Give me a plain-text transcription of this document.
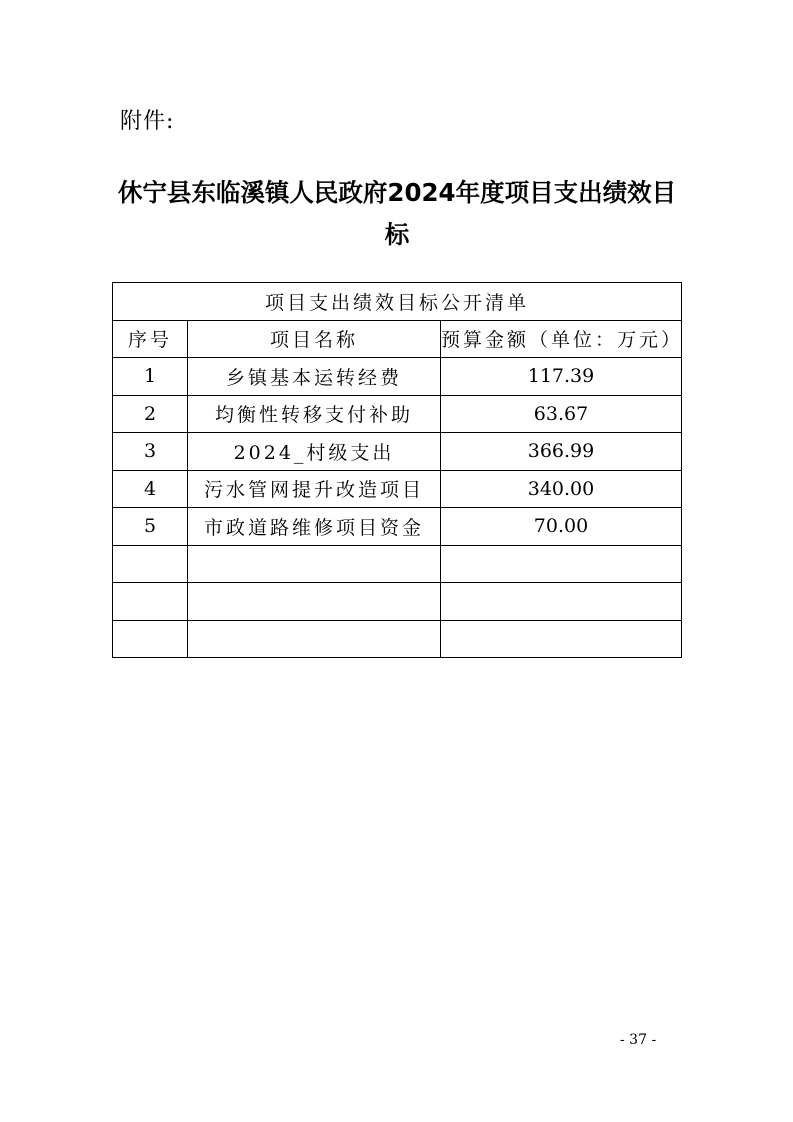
附件:
休宁县东临溪镇人民政府2024年度项目支出绩效目标
项目支出绩效目标公开清单		
序号	项目名称	预算金额（单位：万元）
1	乡镇基本运转经费	117.39
2	均衡性转移支付补助	63.67
3	2024_村级支出	366.99
4	污水管网提升改造项目	340.00
5	市政道路维修项目资金	70.00

- 37 -
